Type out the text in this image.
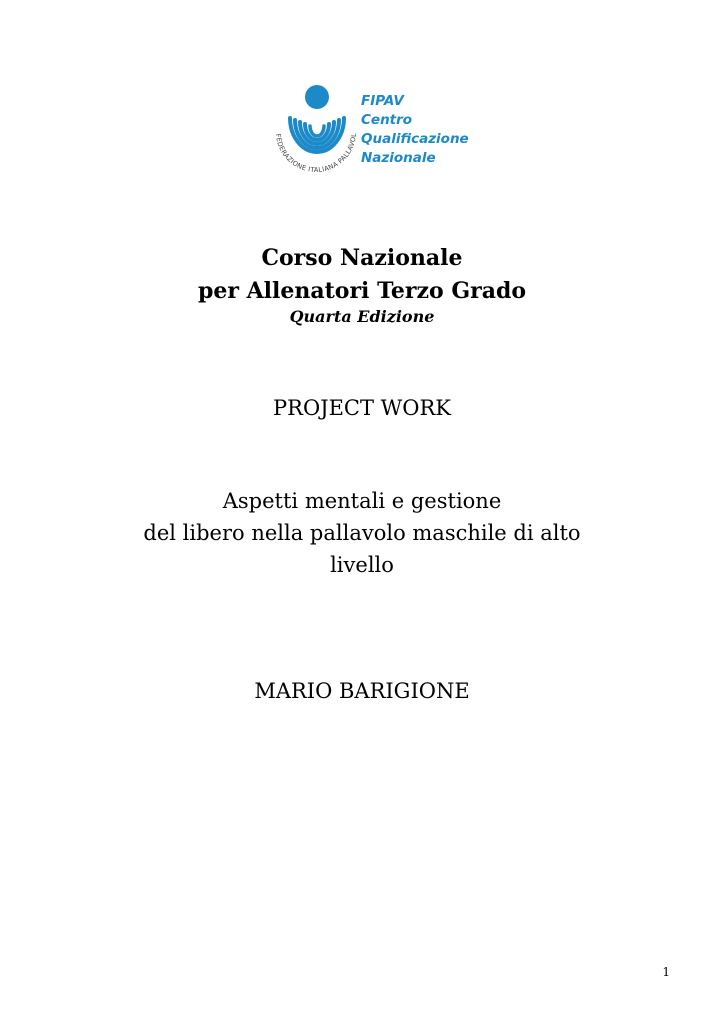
FEDERAZIONE ITALIANA PALLAVOL
FIPAV
Centro
Qualificazione
Nazionale
Corso Nazionale
per Allenatori Terzo Grado
Quarta Edizione
PROJECT WORK
Aspetti mentali e gestione
del libero nella pallavolo maschile di alto
livello
MARIO BARIGIONE
1
